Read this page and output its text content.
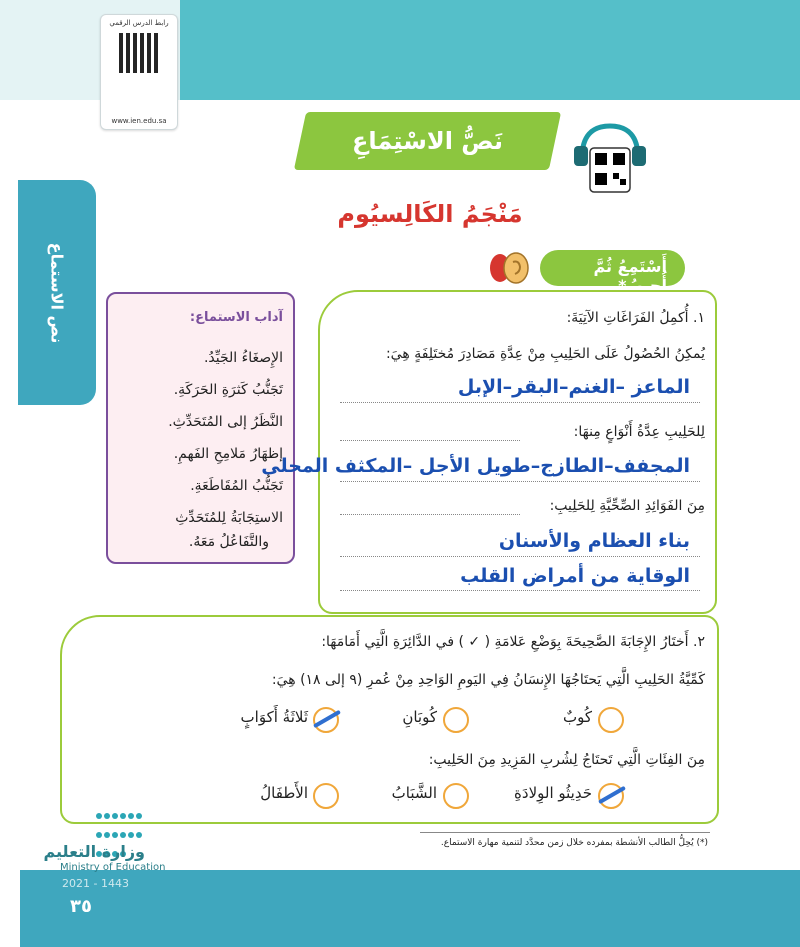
رابط الدرس الرقمي
www.ien.edu.sa
نص الاستماع
نَصُّ الاسْتِمَاعِ
مَنْجَمُ الكَالِسيُوم
أَسْتَمِعُ ثُمَّ أُجِيبُ*
آداب الاستماع:
الإِصغَاءُ الجَيِّدُ.
تَجَنُّبُ كَثرَةِ الحَرَكَةِ.
النَّظَرُ إلى المُتَحَدِّثِ.
إظهَارُ مَلامِحِ الفَهمِ.
تَجَنُّبُ المُقَاطَعَةِ.
الاستِجَابَةُ لِلمُتَحَدِّثِ
والتَّفَاعُلُ مَعَهُ.
١. أُكمِلُ الفَرَاغَاتِ الآتِيَةَ:
يُمكِنُ الحُصُولُ عَلَى الحَلِيبِ مِنْ عِدَّةِ مَصَادِرَ مُختَلِفَةٍ هِيَ:
الماعز –الغنم–البقر–الإبل
لِلحَلِيبِ عِدَّةُ أَنْوَاعٍ مِنهَا:
المجفف–الطازج–طويل الأجل –المكثف المحلى
مِنَ الفَوَائِدِ الصِّحِّيَّةِ لِلحَلِيبِ:
بناء العظام والأسنان
الوقاية من أمراض القلب
٢. أَختَارُ الإِجَابَةَ الصَّحِيحَةَ بِوَضْعِ عَلامَةِ ( ✓ ) في الدَّائِرَةِ الَّتِي أَمَامَهَا:
كَمِّيَّةُ الحَلِيبِ الَّتِي يَحتَاجُهَا الإِنسَانُ فِي اليَومِ الوَاحِدِ مِنْ عُمرِ (٩ إلى ١٨) هِيَ:
كُوبٌ
كُوبَانِ
ثَلاثَةُ أَكوَابٍ
مِنَ الفِئَاتِ الَّتِي تَحتَاجُ لِشُربِ المَزِيدِ مِنَ الحَلِيبِ:
حَدِيثُو الوِلادَةِ
الشَّبَابُ
الأَطفَالُ
(*) يُحِلُّ الطالب الأنشطة بمفرده خلال زمن محدَّد لتنمية مهارة الاستماع.

وزارة التعليم
Ministry of Education
2021 - 1443
٣٥
